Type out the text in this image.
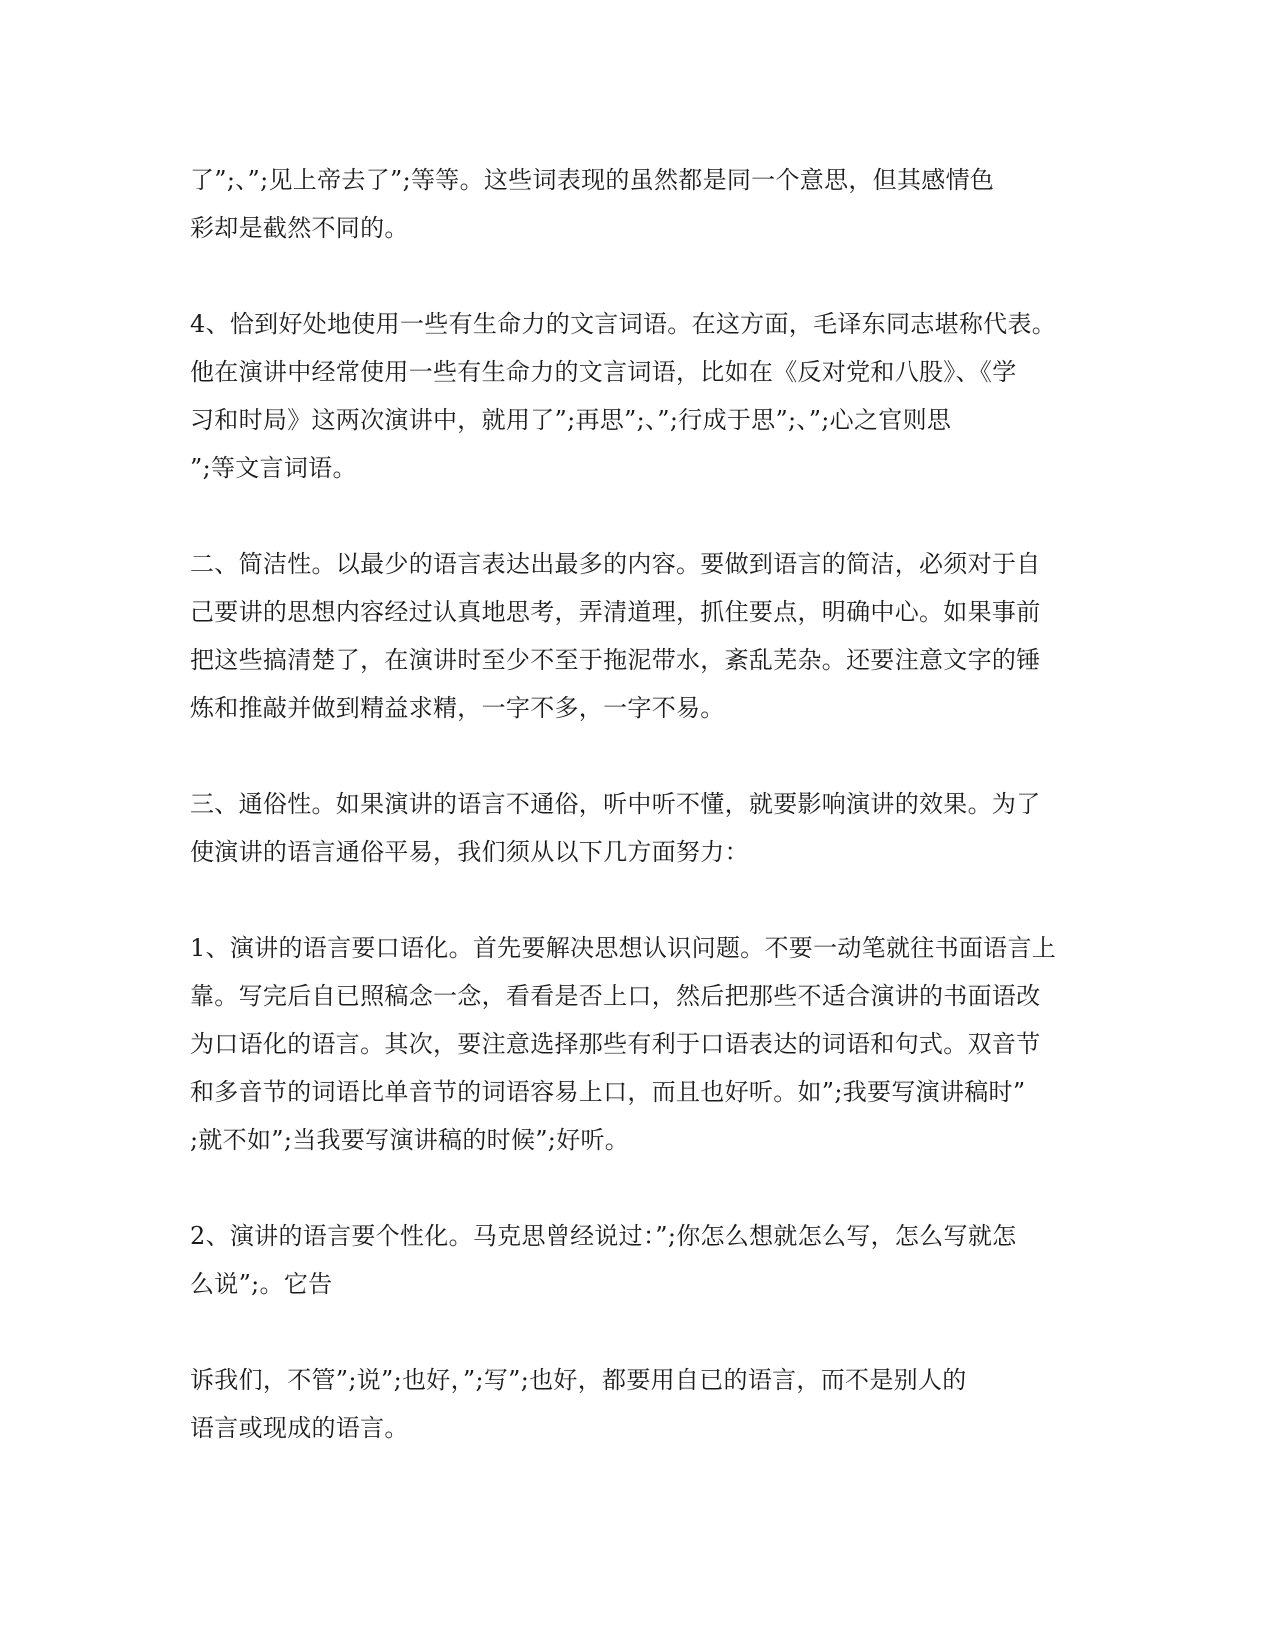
了”;、”;见上帝去了”;等等。这些词表现的虽然都是同一个意思，但其感情色
彩却是截然不同的。

4、恰到好处地使用一些有生命力的文言词语。在这方面，毛译东同志堪称代表。
他在演讲中经常使用一些有生命力的文言词语，比如在《反对党和八股》、《学
习和时局》这两次演讲中，就用了”;再思”;、”;行成于思”;、”;心之官则思
”;等文言词语。

二、简洁性。以最少的语言表达出最多的内容。要做到语言的简洁，必须对于自
己要讲的思想内容经过认真地思考，弄清道理，抓住要点，明确中心。如果事前
把这些搞清楚了，在演讲时至少不至于拖泥带水，紊乱芜杂。还要注意文字的锤
炼和推敲并做到精益求精，一字不多，一字不易。

三、通俗性。如果演讲的语言不通俗，听中听不懂，就要影响演讲的效果。为了
使演讲的语言通俗平易，我们须从以下几方面努力：

1、演讲的语言要口语化。首先要解决思想认识问题。不要一动笔就往书面语言上
靠。写完后自已照稿念一念，看看是否上口，然后把那些不适合演讲的书面语改
为口语化的语言。其次，要注意选择那些有利于口语表达的词语和句式。双音节
和多音节的词语比单音节的词语容易上口，而且也好听。如”;我要写演讲稿时”
;就不如”;当我要写演讲稿的时候”;好听。

2、演讲的语言要个性化。马克思曾经说过：”;你怎么想就怎么写，怎么写就怎
么说”;。它告

诉我们，不管”;说”;也好，”;写”;也好，都要用自已的语言，而不是别人的
语言或现成的语言。
